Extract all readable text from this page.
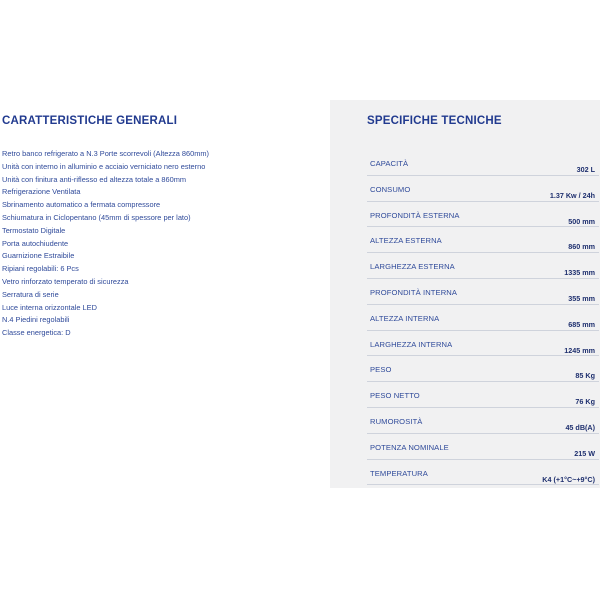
CARATTERISTICHE GENERALI
Retro banco refrigerato a N.3 Porte scorrevoli (Altezza 860mm)
Unità con interno in alluminio e acciaio verniciato nero esterno
Unità con finitura anti-riflesso ed altezza totale a 860mm
Refrigerazione Ventilata
Sbrinamento automatico a fermata compressore
Schiumatura in Ciclopentano (45mm di spessore per lato)
Termostato Digitale
Porta autochiudente
Guarnizione Estraibile
Ripiani regolabili: 6 Pcs
Vetro rinforzato temperato di sicurezza
Serratura di serie
Luce interna orizzontale LED
N.4 Piedini regolabili
Classe energetica: D
SPECIFICHE TECNICHE
CAPACITÀ
302 L
CONSUMO
1.37 Kw / 24h
PROFONDITÀ ESTERNA
500 mm
ALTEZZA ESTERNA
860 mm
LARGHEZZA ESTERNA
1335 mm
PROFONDITÀ INTERNA
355 mm
ALTEZZA INTERNA
685 mm
LARGHEZZA INTERNA
1245 mm
PESO
85 Kg
PESO NETTO
76 Kg
RUMOROSITÀ
45 dB(A)
POTENZA NOMINALE
215 W
TEMPERATURA
K4 (+1°C~+9°C)
